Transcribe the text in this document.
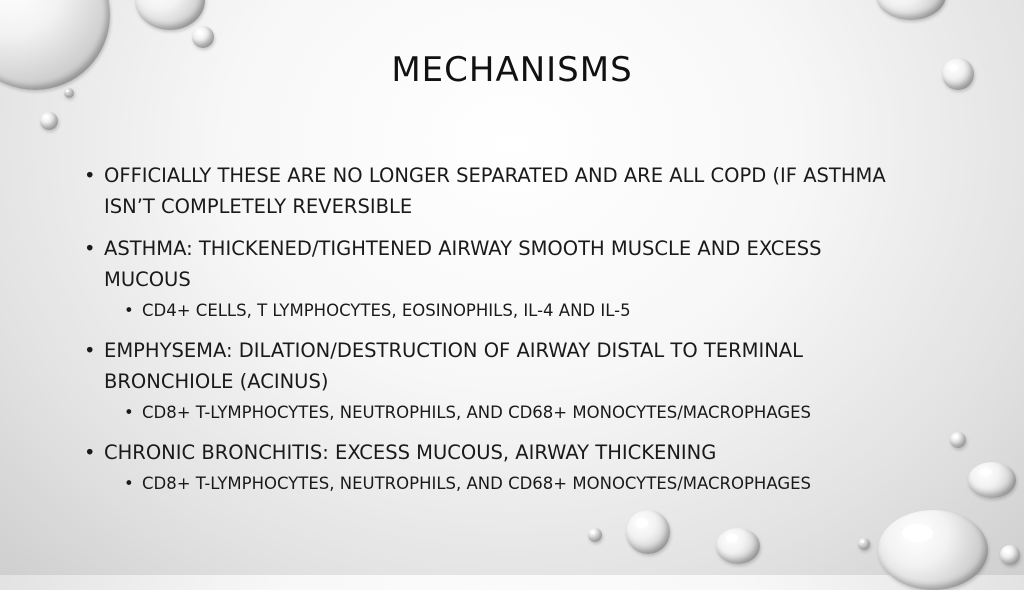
MECHANISMS
• OFFICIALLY THESE ARE NO LONGER SEPARATED AND ARE ALL COPD (IF ASTHMA ISN’T COMPLETELY REVERSIBLE
• ASTHMA: THICKENED/TIGHTENED AIRWAY SMOOTH MUSCLE AND EXCESS MUCOUS
• CD4+ CELLS, T LYMPHOCYTES, EOSINOPHILS, IL-4 AND IL-5
• EMPHYSEMA: DILATION/DESTRUCTION OF AIRWAY DISTAL TO TERMINAL BRONCHIOLE (ACINUS)
• CD8+ T-LYMPHOCYTES, NEUTROPHILS, AND CD68+ MONOCYTES/MACROPHAGES
• CHRONIC BRONCHITIS: EXCESS MUCOUS, AIRWAY THICKENING
• CD8+ T-LYMPHOCYTES, NEUTROPHILS, AND CD68+ MONOCYTES/MACROPHAGES
